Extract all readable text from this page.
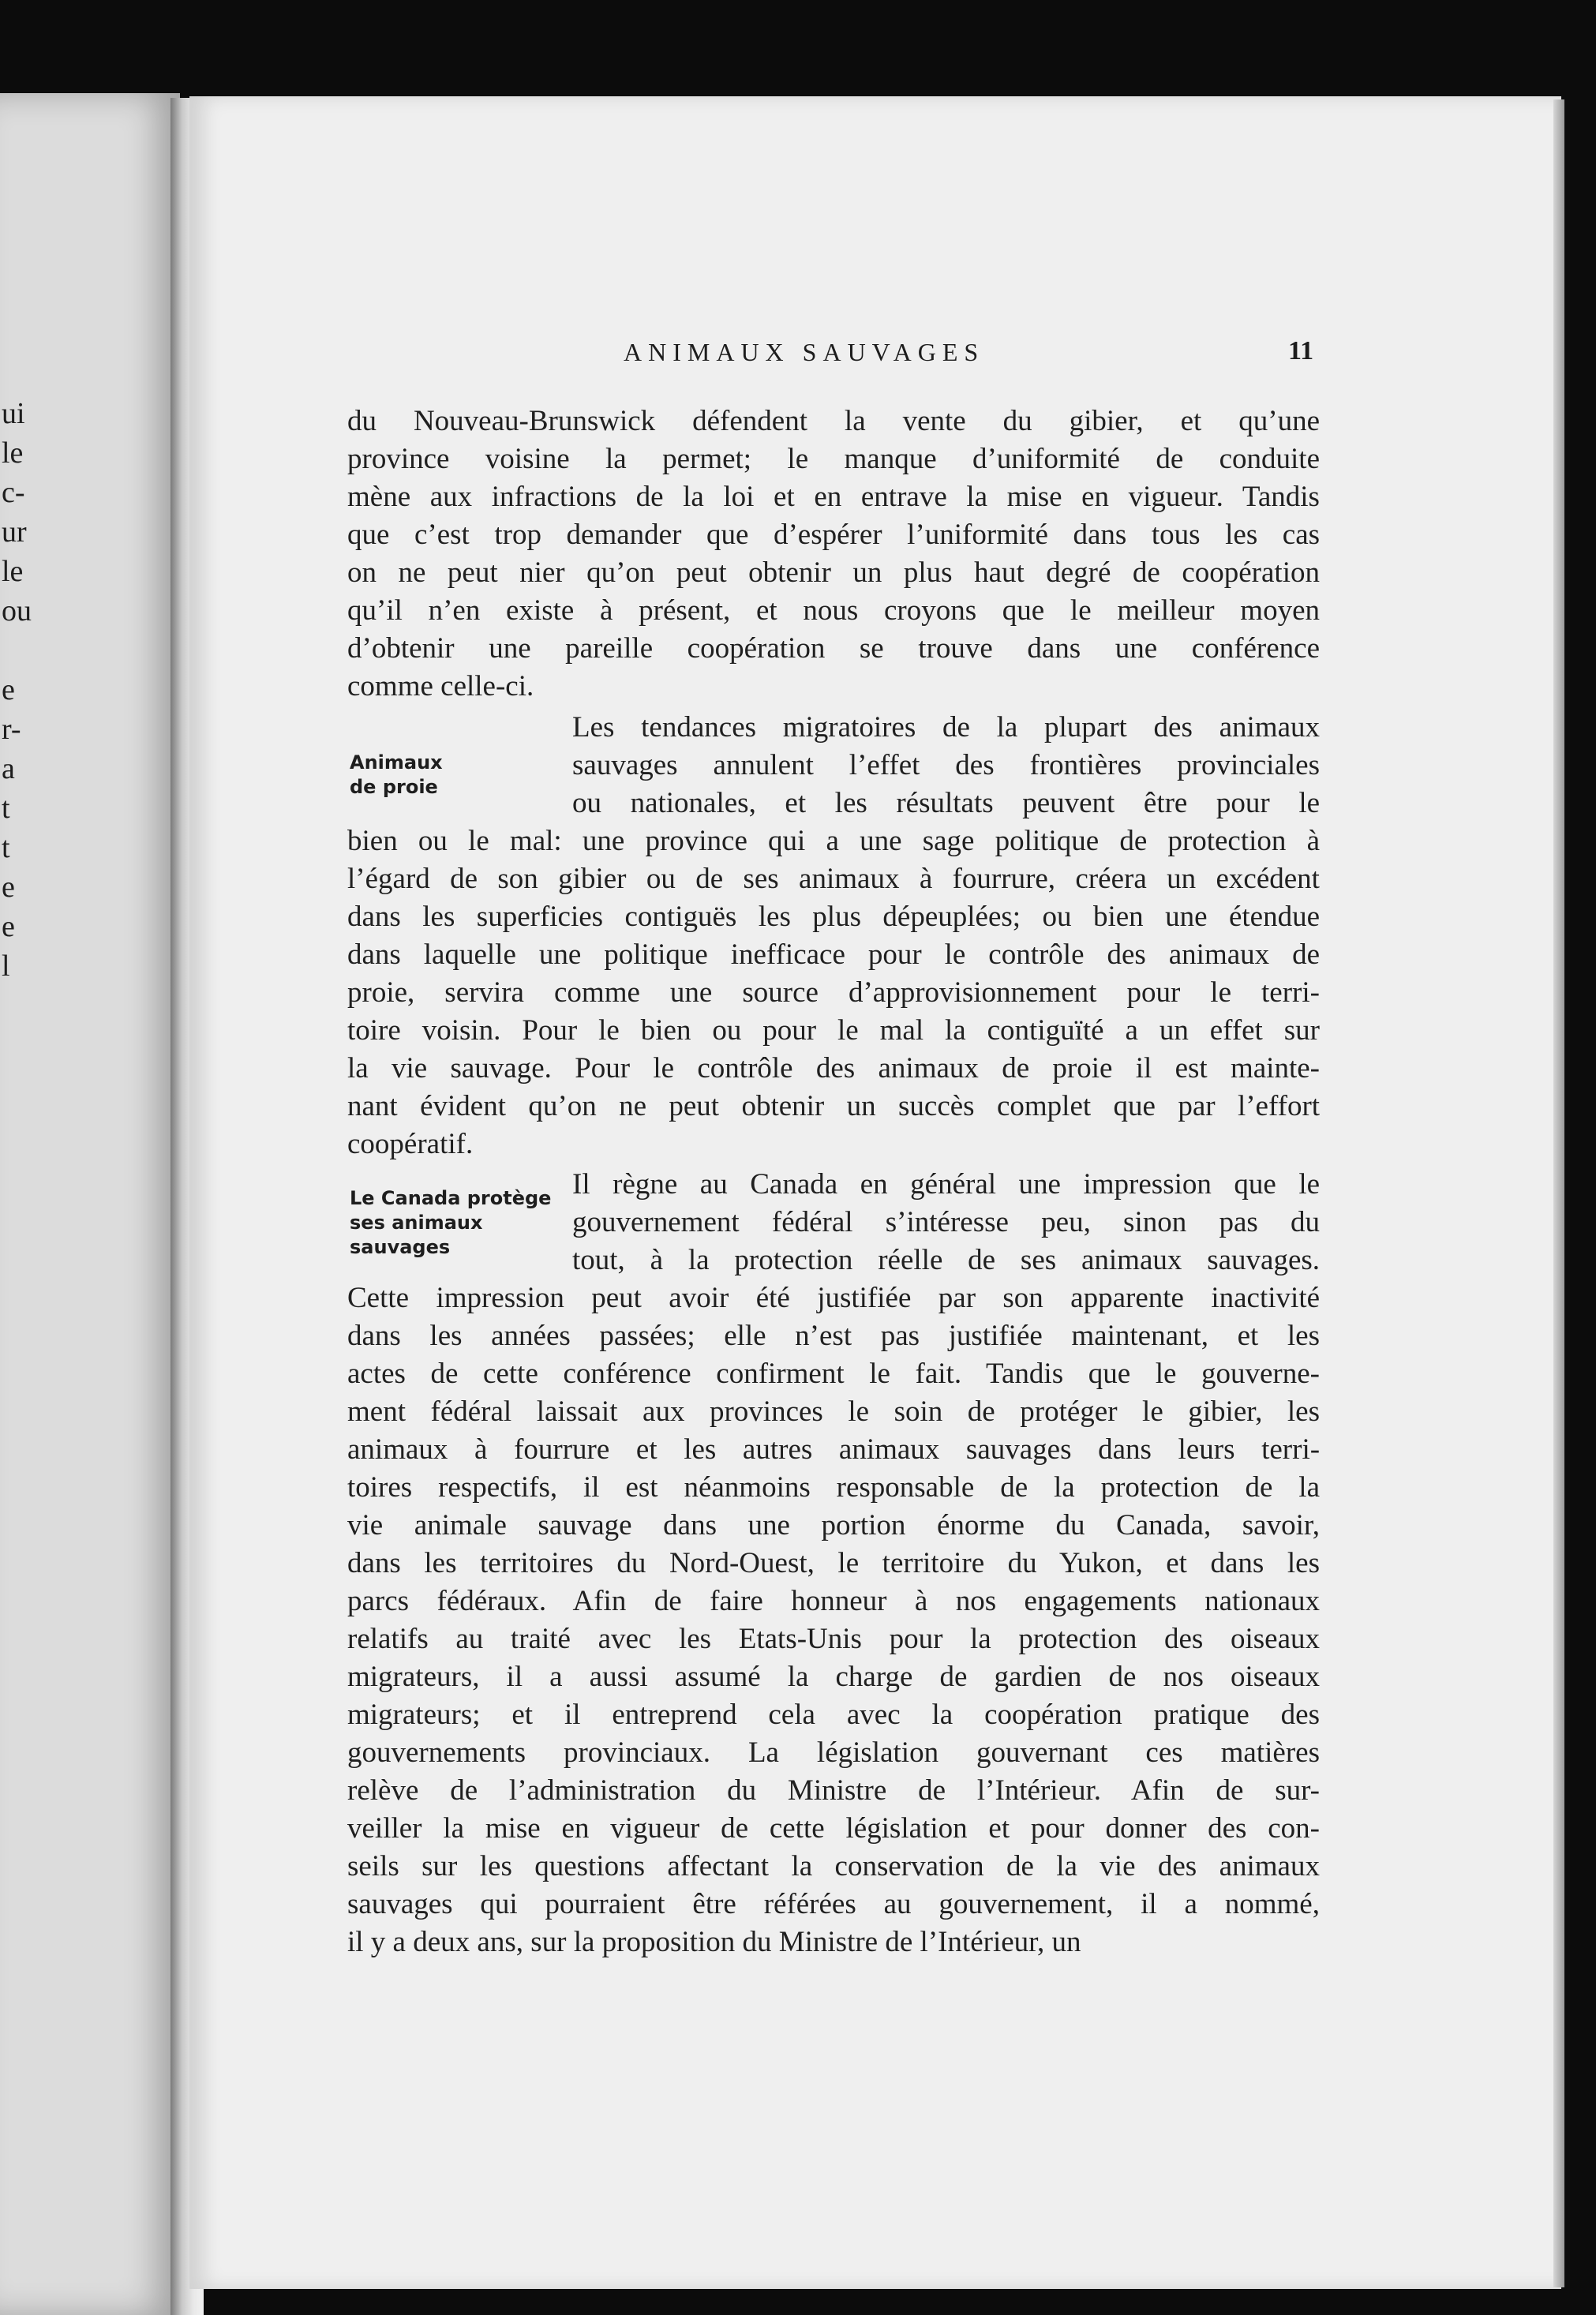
ui
le
c-
ur
le
ou
e
r-
a
t
t
e
e
l
ANIMAUX SAUVAGES	11
Animaux
de proie
Le Canada protège
ses animaux
sauvages
du Nouveau-Brunswick défendent la vente du gibier, et qu’une
province voisine la permet; le manque d’uniformité de conduite
mène aux infractions de la loi et en entrave la mise en vigueur. Tandis
que c’est trop demander que d’espérer l’uniformité dans tous les cas
on ne peut nier qu’on peut obtenir un plus haut degré de coopération
qu’il n’en existe à présent, et nous croyons que le meilleur moyen
d’obtenir une pareille coopération se trouve dans une conférence
comme celle-ci.
Les tendances migratoires de la plupart des animaux
sauvages annulent l’effet des frontières provinciales
ou nationales, et les résultats peuvent être pour le
bien ou le mal: une province qui a une sage politique de protection à
l’égard de son gibier ou de ses animaux à fourrure, créera un excédent
dans les superficies contiguës les plus dépeuplées; ou bien une étendue
dans laquelle une politique inefficace pour le contrôle des animaux de
proie, servira comme une source d’approvisionnement pour le terri-
toire voisin. Pour le bien ou pour le mal la contiguïté a un effet sur
la vie sauvage. Pour le contrôle des animaux de proie il est mainte-
nant évident qu’on ne peut obtenir un succès complet que par l’effort
coopératif.
Il règne au Canada en général une impression que le
gouvernement fédéral s’intéresse peu, sinon pas du
tout, à la protection réelle de ses animaux sauvages.
Cette impression peut avoir été justifiée par son apparente inactivité
dans les années passées; elle n’est pas justifiée maintenant, et les
actes de cette conférence confirment le fait. Tandis que le gouverne-
ment fédéral laissait aux provinces le soin de protéger le gibier, les
animaux à fourrure et les autres animaux sauvages dans leurs terri-
toires respectifs, il est néanmoins responsable de la protection de la
vie animale sauvage dans une portion énorme du Canada, savoir,
dans les territoires du Nord-Ouest, le territoire du Yukon, et dans les
parcs fédéraux. Afin de faire honneur à nos engagements nationaux
relatifs au traité avec les Etats-Unis pour la protection des oiseaux
migrateurs, il a aussi assumé la charge de gardien de nos oiseaux
migrateurs; et il entreprend cela avec la coopération pratique des
gouvernements provinciaux. La législation gouvernant ces matières
relève de l’administration du Ministre de l’Intérieur. Afin de sur-
veiller la mise en vigueur de cette législation et pour donner des con-
seils sur les questions affectant la conservation de la vie des animaux
sauvages qui pourraient être référées au gouvernement, il a nommé,
il y a deux ans, sur la proposition du Ministre de l’Intérieur, un
